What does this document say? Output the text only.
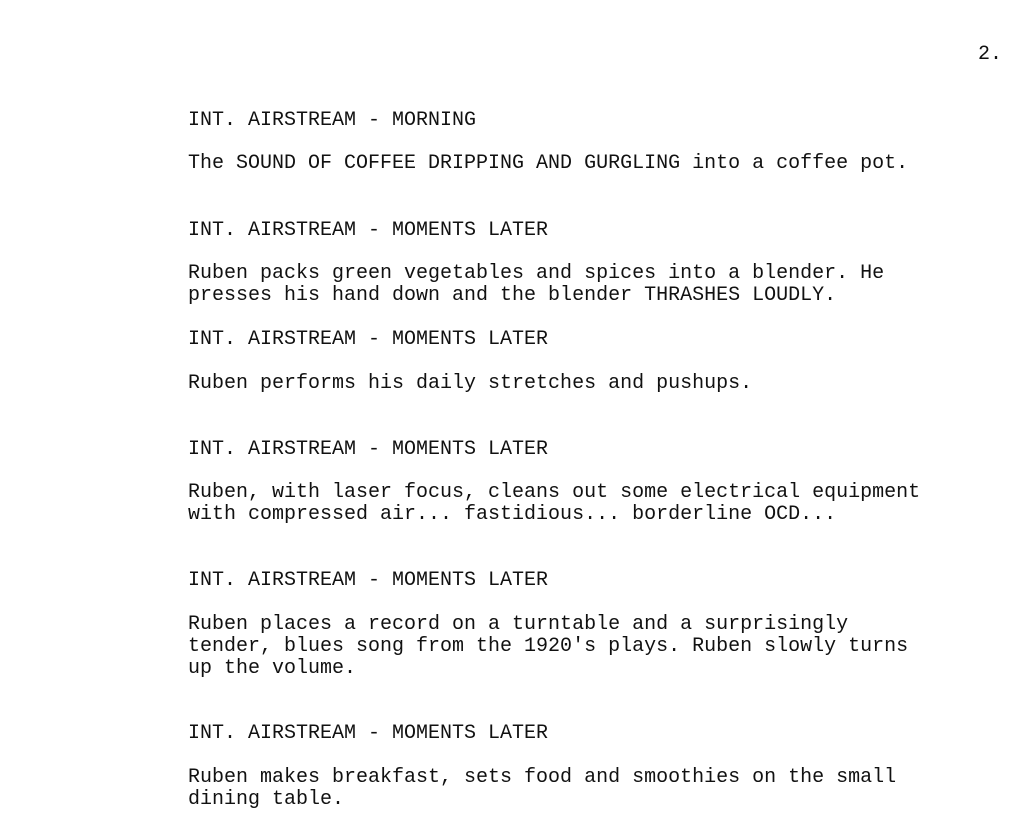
2.
INT. AIRSTREAM - MORNING
The SOUND OF COFFEE DRIPPING AND GURGLING into a coffee pot.
INT. AIRSTREAM - MOMENTS LATER
Ruben packs green vegetables and spices into a blender. He
presses his hand down and the blender THRASHES LOUDLY.
INT. AIRSTREAM - MOMENTS LATER
Ruben performs his daily stretches and pushups.
INT. AIRSTREAM - MOMENTS LATER
Ruben, with laser focus, cleans out some electrical equipment
with compressed air... fastidious... borderline OCD...
INT. AIRSTREAM - MOMENTS LATER
Ruben places a record on a turntable and a surprisingly
tender, blues song from the 1920's plays. Ruben slowly turns
up the volume.
INT. AIRSTREAM - MOMENTS LATER
Ruben makes breakfast, sets food and smoothies on the small
dining table.
